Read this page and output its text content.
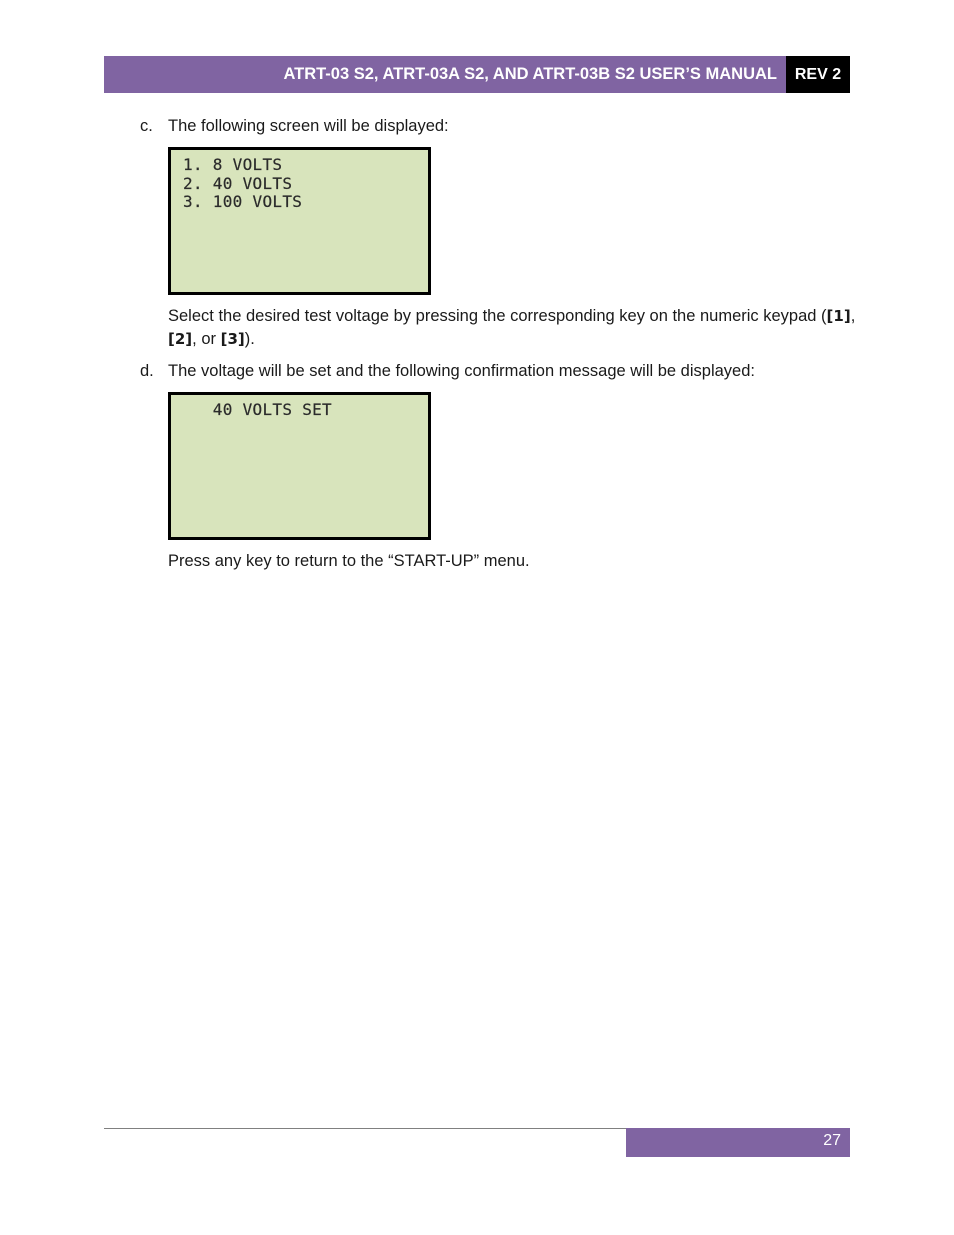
ATRT-03 S2, ATRT-03A S2, AND ATRT-03B S2 USER’S MANUAL	REV 2
c. The following screen will be displayed:
1. 8 VOLTS
2. 40 VOLTS
3. 100 VOLTS
Select the desired test voltage by pressing the corresponding key on the numeric keypad ([1], [2], or [3]).
d. The voltage will be set and the following confirmation message will be displayed:
40 VOLTS SET
Press any key to return to the “START-UP” menu.
27
